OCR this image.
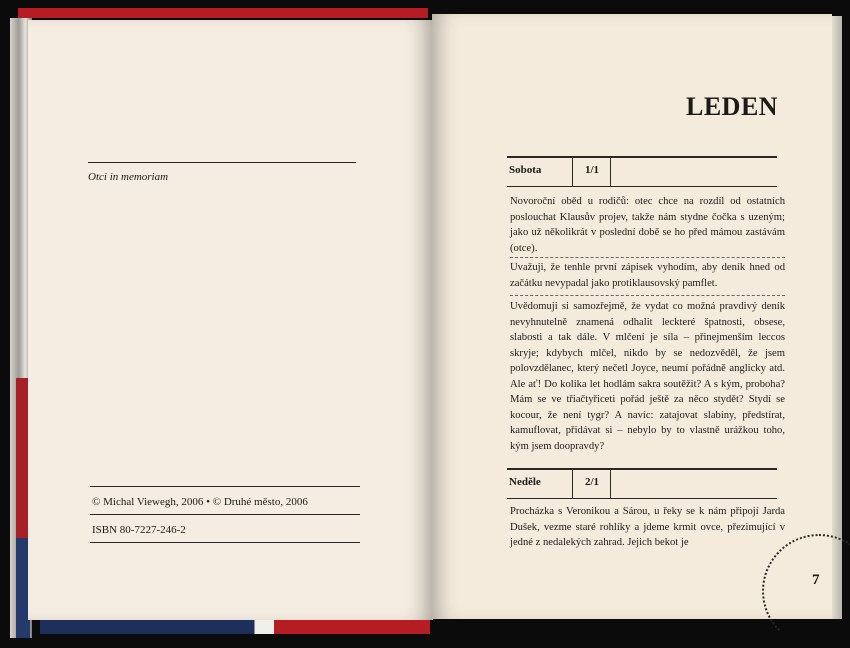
Otci in memoriam
© Michal Viewegh, 2006 • © Druhé město, 2006
ISBN 80-7227-246-2
LEDEN
Sobota	1/1

Novoroční oběd u rodičů: otec chce na rozdíl od ostatních poslouchat Klausův projev, takže nám stydne čočka s uzeným; jako už několikrát v poslední době se ho před mámou zastávám (otce).

Uvažuji, že tenhle první zápisek vyhodím, aby deník hned od začátku nevypadal jako protiklausovský pamflet.

Uvědomuji si samozřejmě, že vydat co možná pravdivý deník nevyhnutelně znamená odhalit leckteré špatnosti, obsese, slabosti a tak dále. V mlčení je síla – přinejmenším leccos skryje; kdybych mlčel, nikdo by se nedozvěděl, že jsem polovzdělanec, který nečetl Joyce, neumí pořádně anglicky atd. Ale ať! Do kolika let hodlám sakra soutěžit? A s kým, proboha? Mám se ve třiačtyřiceti pořád ještě za něco stydět? Stydí se kocour, že není tygr? A navíc: zatajovat slabiny, předstírat, kamuflovat, přidávat si – nebylo by to vlastně urážkou toho, kým jsem doopravdy?

Neděle	2/1

Procházka s Veronikou a Sárou, u řeky se k nám připojí Jarda Dušek, vezme staré rohlíky a jdeme krmit ovce, přezimující v jedné z nedalekých zahrad. Jejich bekot je

7
